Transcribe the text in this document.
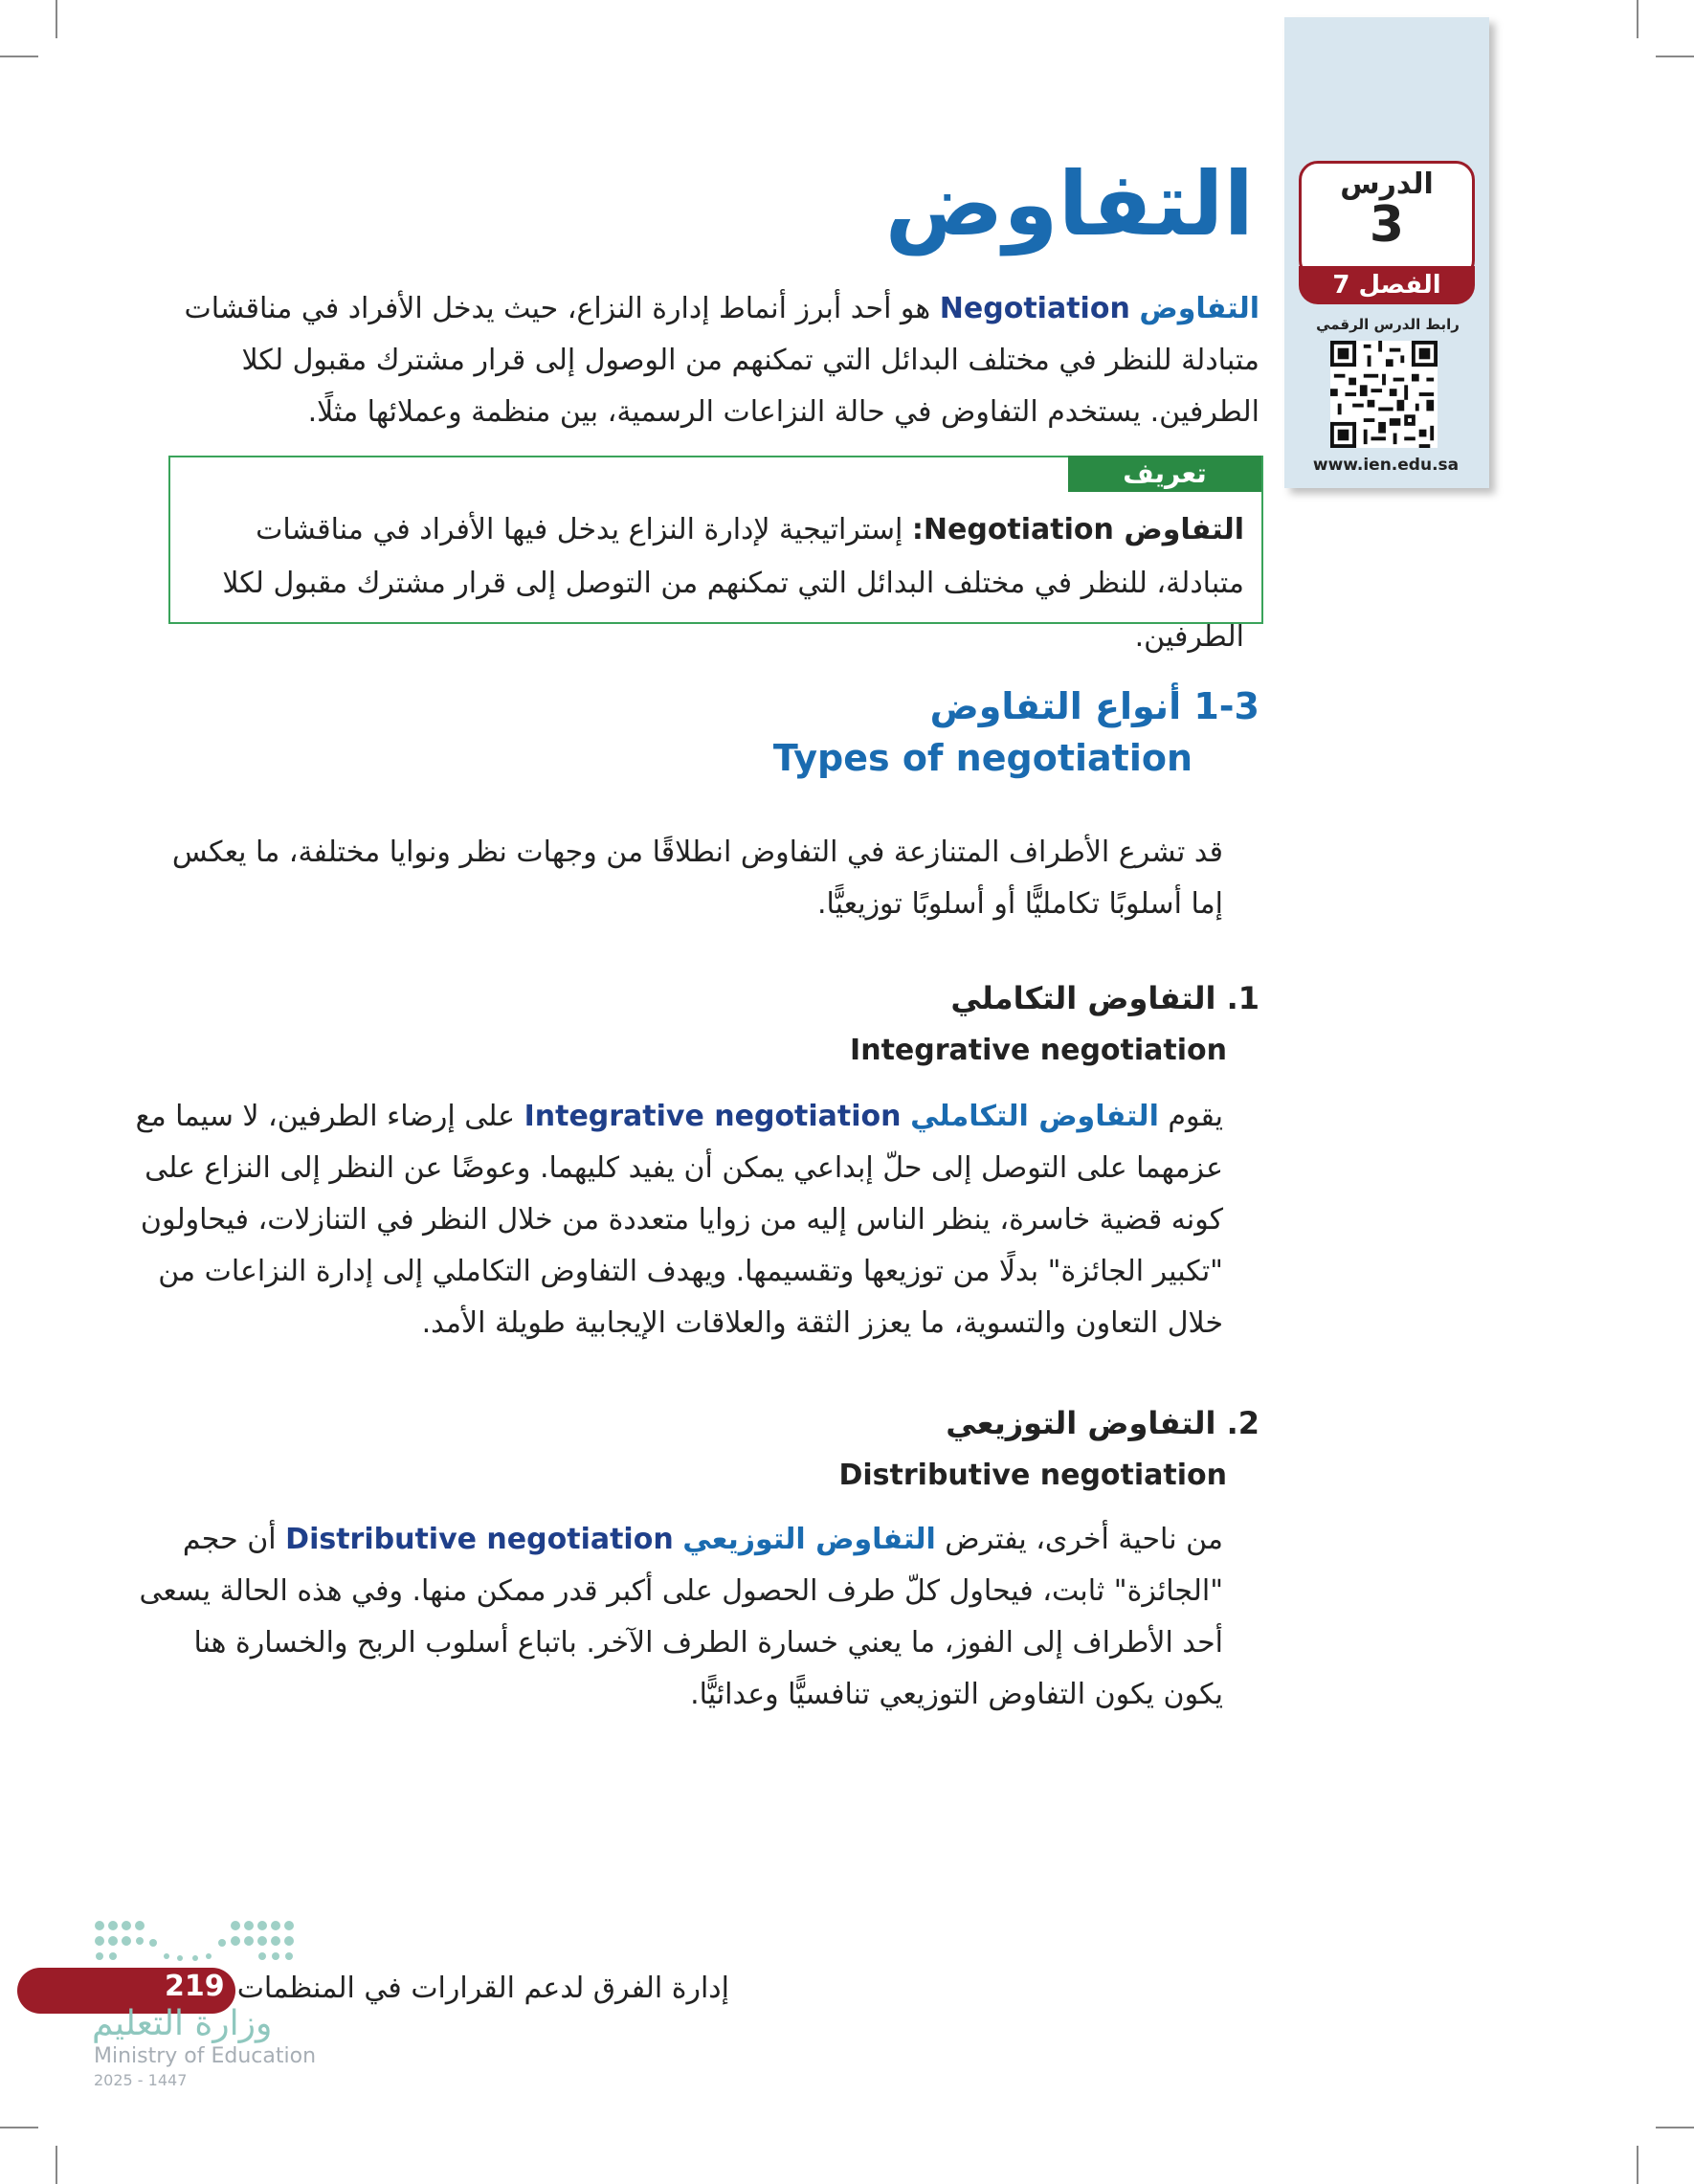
الدرس
3
الفصل 7
رابط الدرس الرقمي
www.ien.edu.sa
التفاوض
التفاوض Negotiation هو أحد أبرز أنماط إدارة النزاع، حيث يدخل الأفراد في مناقشات متبادلة للنظر في مختلف البدائل التي تمكنهم من الوصول إلى قرار مشترك مقبول لكلا الطرفين. يستخدم التفاوض في حالة النزاعات الرسمية، بين منظمة وعملائها مثلًا.
تعريف
التفاوض Negotiation: إستراتيجية لإدارة النزاع يدخل فيها الأفراد في مناقشات متبادلة، للنظر في مختلف البدائل التي تمكنهم من التوصل إلى قرار مشترك مقبول لكلا الطرفين.
1-3 أنواع التفاوض
Types of negotiation
قد تشرع الأطراف المتنازعة في التفاوض انطلاقًا من وجهات نظر ونوايا مختلفة، ما يعكس إما أسلوبًا تكامليًّا أو أسلوبًا توزيعيًّا.
1. التفاوض التكاملي
Integrative negotiation
يقوم التفاوض التكاملي Integrative negotiation على إرضاء الطرفين، لا سيما مع عزمهما على التوصل إلى حلّ إبداعي يمكن أن يفيد كليهما. وعوضًا عن النظر إلى النزاع على كونه قضية خاسرة، ينظر الناس إليه من زوايا متعددة من خلال النظر في التنازلات، فيحاولون "تكبير الجائزة" بدلًا من توزيعها وتقسيمها. ويهدف التفاوض التكاملي إلى إدارة النزاعات من خلال التعاون والتسوية، ما يعزز الثقة والعلاقات الإيجابية طويلة الأمد.
2. التفاوض التوزيعي
Distributive negotiation
من ناحية أخرى، يفترض التفاوض التوزيعي Distributive negotiation أن حجم "الجائزة" ثابت، فيحاول كلّ طرف الحصول على أكبر قدر ممكن منها. وفي هذه الحالة يسعى أحد الأطراف إلى الفوز، ما يعني خسارة الطرف الآخر. باتباع أسلوب الربح والخسارة هنا يكون يكون التفاوض التوزيعي تنافسيًّا وعدائيًّا.
219 إدارة الفرق لدعم القرارات في المنظمات
وزارة التعليم
Ministry of Education
2025 - 1447
